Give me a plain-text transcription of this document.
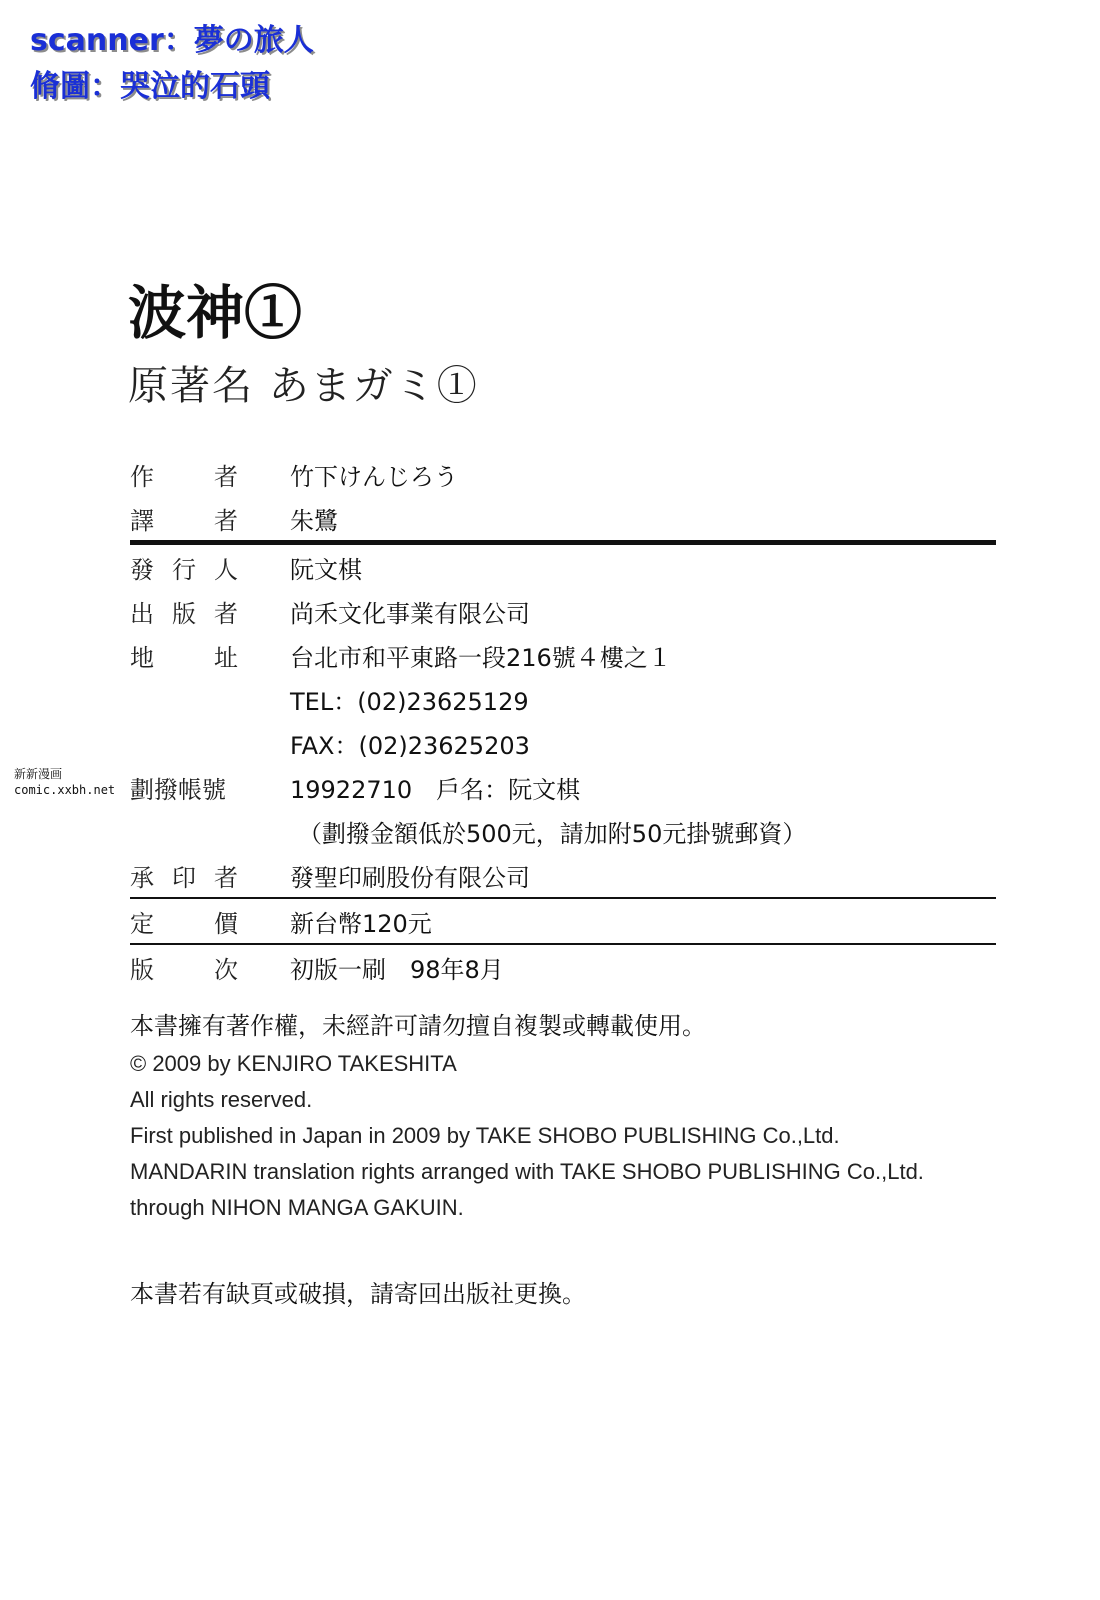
scanner：夢の旅人
脩圖：哭泣的石頭
波神①
原著名 あまガミ①
新新漫画
comic.xxbh.net
作	者 竹下けんじろう
譯	者 朱鷺
發 行 人 阮文棋
出 版 者 尚禾文化事業有限公司
地	址 台北市和平東路一段216號４樓之１
TEL：(02)23625129
FAX：(02)23625203
劃撥帳號	19922710　戶名：阮文棋
（劃撥金額低於500元，請加附50元掛號郵資）
承 印 者 發聖印刷股份有限公司
定	價 新台幣120元
版	次 初版一刷　98年8月
本書擁有著作權，未經許可請勿擅自複製或轉載使用。
© 2009 by KENJIRO TAKESHITA
All rights reserved.
First published in Japan in 2009 by TAKE SHOBO PUBLISHING Co.,Ltd.
MANDARIN translation rights arranged with TAKE SHOBO PUBLISHING Co.,Ltd.
through NIHON MANGA GAKUIN.
本書若有缺頁或破損，請寄回出版社更換。
